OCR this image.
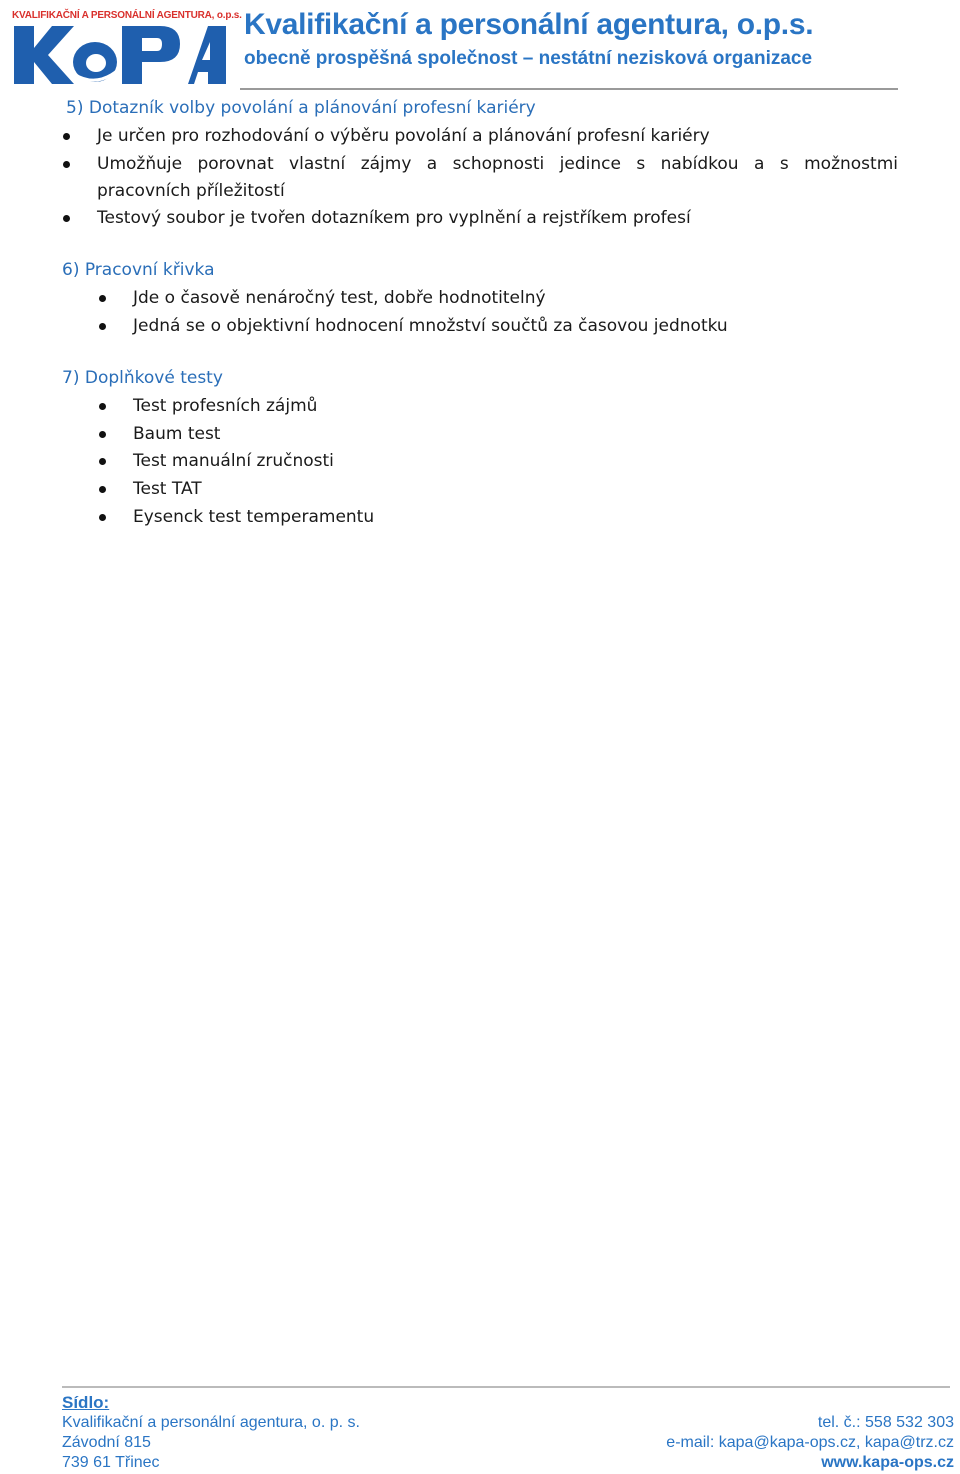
KVALIFIKAČNÍ A PERSONÁLNÍ AGENTURA, o.p.s. Kvalifikační a personální agentura, o.p.s.
obecně prospěšná společnost – nestátní nezisková organizace
5) Dotazník volby povolání a plánování profesní kariéry
Je určen pro rozhodování o výběru povolání a plánování profesní kariéry
Umožňuje porovnat vlastní zájmy a schopnosti jedince s nabídkou a s možnostmi
pracovních příležitostí
Testový soubor je tvořen dotazníkem pro vyplnění a rejstříkem profesí
6) Pracovní křivka
Jde o časově nenáročný test, dobře hodnotitelný
Jedná se o objektivní hodnocení množství součtů za časovou jednotku
7) Doplňkové testy
Test profesních zájmů
Baum test
Test manuální zručnosti
Test TAT
Eysenck test temperamentu
Sídlo:
Kvalifikační a personální agentura, o. p. s.
Závodní 815
739 61 Třinec
tel. č.: 558 532 303
e-mail: kapa@kapa-ops.cz, kapa@trz.cz
www.kapa-ops.cz
